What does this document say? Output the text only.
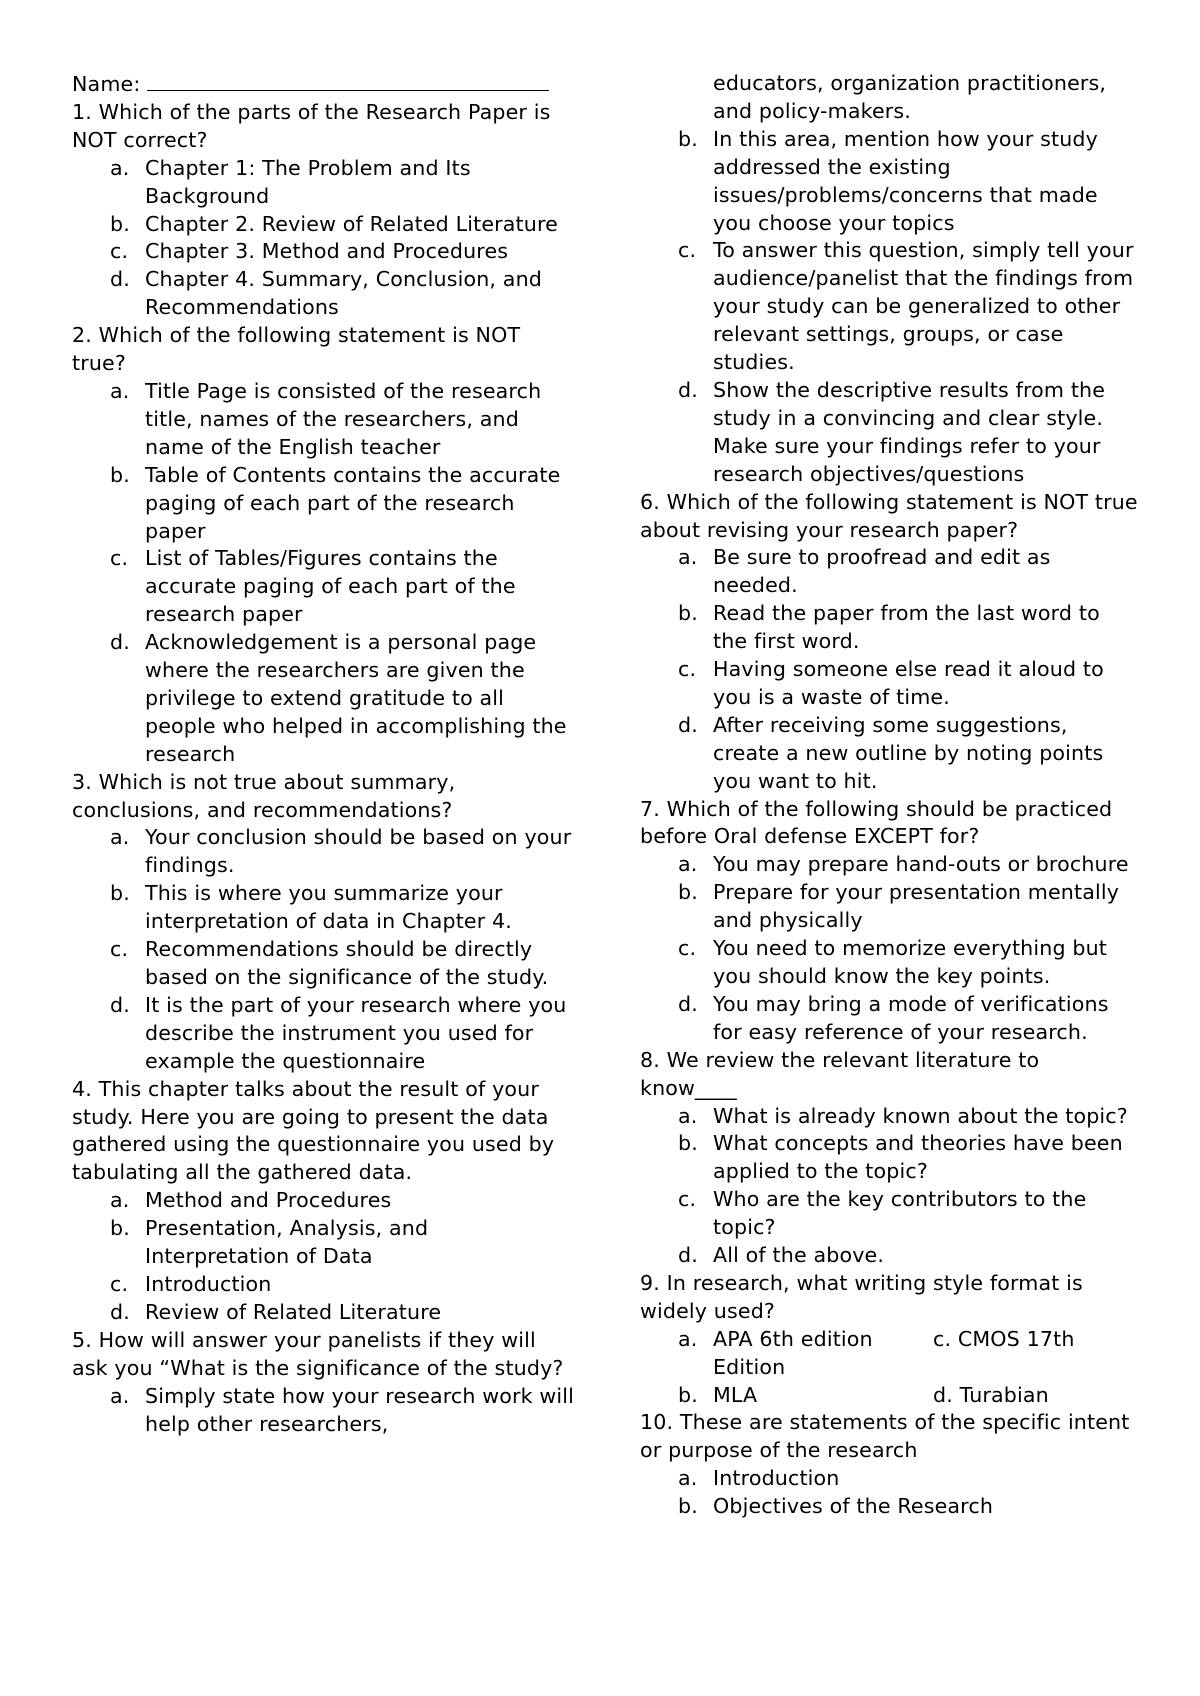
Name:
1. Which of the parts of the Research Paper is NOT correct?
a. Chapter 1: The Problem and Its Background
b. Chapter 2. Review of Related Literature
c. Chapter 3. Method and Procedures
d. Chapter 4. Summary, Conclusion, and Recommendations
2. Which of the following statement is NOT true?
a. Title Page is consisted of the research title, names of the researchers, and name of the English teacher
b. Table of Contents contains the accurate paging of each part of the research paper
c. List of Tables/Figures contains the accurate paging of each part of the research paper
d. Acknowledgement is a personal page where the researchers are given the privilege to extend gratitude to all people who helped in accomplishing the research
3. Which is not true about summary, conclusions, and recommendations?
a. Your conclusion should be based on your findings.
b. This is where you summarize your interpretation of data in Chapter 4.
c. Recommendations should be directly based on the significance of the study.
d. It is the part of your research where you describe the instrument you used for example the questionnaire
4. This chapter talks about the result of your study. Here you are going to present the data gathered using the questionnaire you used by tabulating all the gathered data.
a. Method and Procedures
b. Presentation, Analysis, and Interpretation of Data
c. Introduction
d. Review of Related Literature
5. How will answer your panelists if they will ask you “What is the significance of the study?
a. Simply state how your research work will help other researchers,
educators, organization practitioners, and policy-makers.
b. In this area, mention how your study addressed the existing issues/problems/concerns that made you choose your topics
c. To answer this question, simply tell your audience/panelist that the findings from your study can be generalized to other relevant settings, groups, or case studies.
d. Show the descriptive results from the study in a convincing and clear style. Make sure your findings refer to your research objectives/questions
6. Which of the following statement is NOT true about revising your research paper?
a. Be sure to proofread and edit as needed.
b. Read the paper from the last word to the first word.
c. Having someone else read it aloud to you is a waste of time.
d. After receiving some suggestions, create a new outline by noting points you want to hit.
7. Which of the following should be practiced before Oral defense EXCEPT for?
a. You may prepare hand-outs or brochure
b. Prepare for your presentation mentally and physically
c. You need to memorize everything but you should know the key points.
d. You may bring a mode of verifications for easy reference of your research.
8. We review the relevant literature to know____
a. What is already known about the topic?
b. What concepts and theories have been applied to the topic?
c. Who are the key contributors to the topic?
d. All of the above.
9. In research, what writing style format is widely used?
a. APA 6th edition	c. CMOS 17th
Edition
b. MLA	d. Turabian
10. These are statements of the specific intent or purpose of the research
a. Introduction
b. Objectives of the Research
